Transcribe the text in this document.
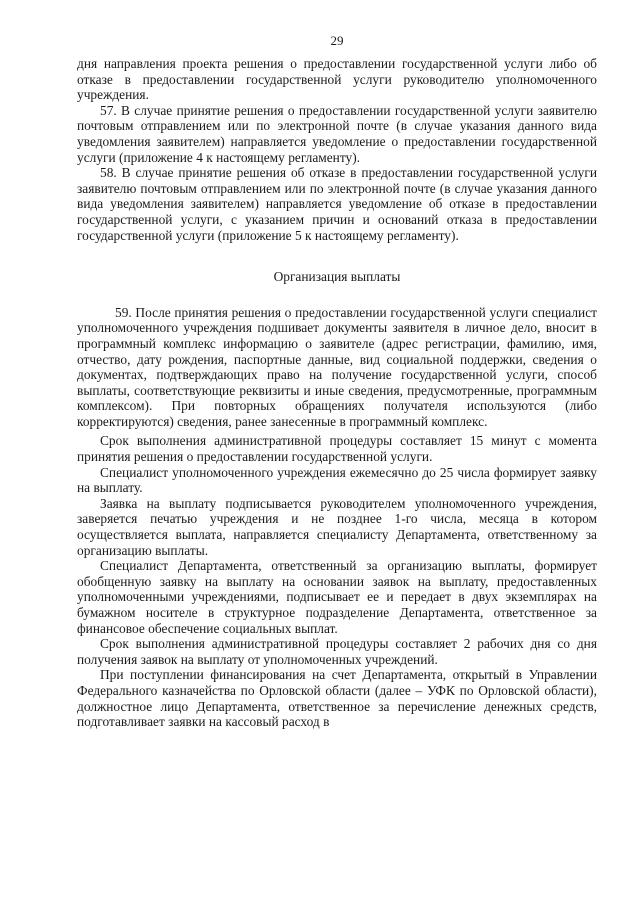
29

дня направления проекта решения о предоставлении государственной услуги либо об отказе в предоставлении государственной услуги руководителю уполномоченного учреждения.

57. В случае принятие решения о предоставлении государственной услуги заявителю почтовым отправлением или по электронной почте (в случае указания данного вида уведомления заявителем) направляется уведомление о предоставлении государственной услуги (приложение 4 к настоящему регламенту).

58. В случае принятие решения об отказе в предоставлении государственной услуги заявителю почтовым отправлением или по электронной почте (в случае указания данного вида уведомления заявителем) направляется уведомление об отказе в предоставлении государственной услуги, с указанием причин и оснований отказа в предоставлении государственной услуги (приложение 5 к настоящему регламенту).

Организация выплаты

59. После принятия решения о предоставлении государственной услуги специалист уполномоченного учреждения подшивает документы заявителя в личное дело, вносит в программный комплекс информацию о заявителе (адрес регистрации, фамилию, имя, отчество, дату рождения, паспортные данные, вид социальной поддержки, сведения о документах, подтверждающих право на получение государственной услуги, способ выплаты, соответствующие реквизиты и иные сведения, предусмотренные, программным комплексом). При повторных обращениях получателя используются (либо корректируются) сведения, ранее занесенные в программный комплекс.

Срок выполнения административной процедуры составляет 15 минут с момента принятия решения о предоставлении государственной услуги.

Специалист уполномоченного учреждения ежемесячно до 25 числа формирует заявку на выплату.

Заявка на выплату подписывается руководителем уполномоченного учреждения, заверяется печатью учреждения и не позднее 1-го числа, месяца в котором осуществляется выплата, направляется специалисту Департамента, ответственному за организацию выплаты.

Специалист Департамента, ответственный за организацию выплаты, формирует обобщенную заявку на выплату на основании заявок на выплату, предоставленных уполномоченными учреждениями, подписывает ее и передает в двух экземплярах на бумажном носителе в структурное подразделение Департамента, ответственное за финансовое обеспечение социальных выплат.

Срок выполнения административной процедуры составляет 2 рабочих дня со дня получения заявок на выплату от уполномоченных учреждений.

При поступлении финансирования на счет Департамента, открытый в Управлении Федерального казначейства по Орловской области (далее – УФК по Орловской области), должностное лицо Департамента, ответственное за перечисление денежных средств, подготавливает заявки на кассовый расход в
